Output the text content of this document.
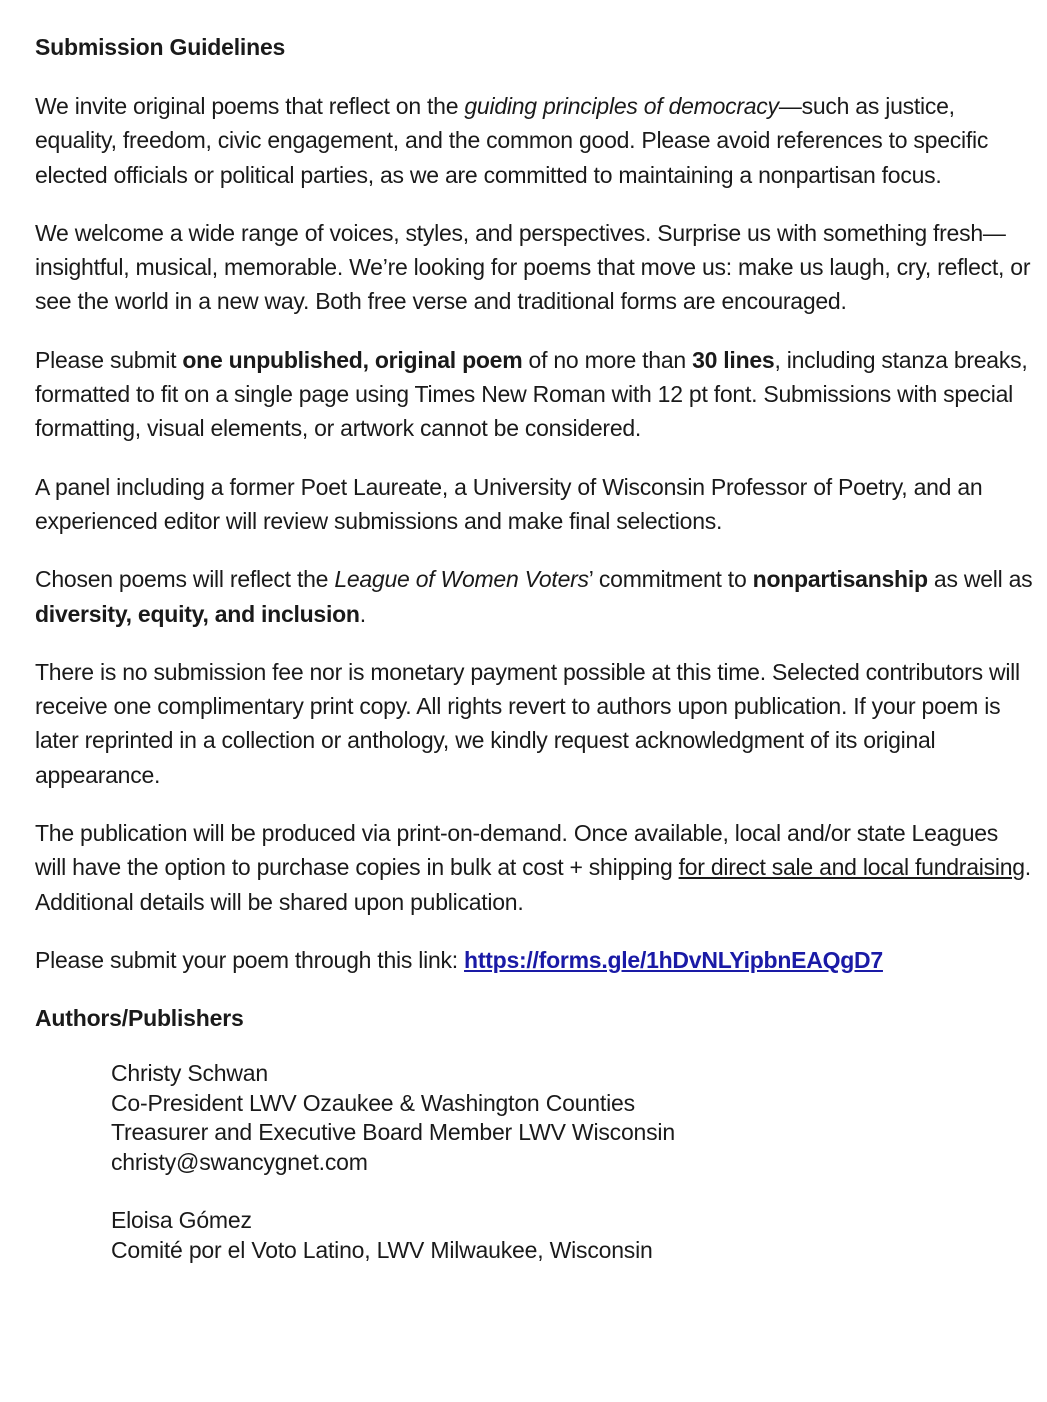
Submission Guidelines

We invite original poems that reflect on the guiding principles of democracy—such as justice, equality, freedom, civic engagement, and the common good. Please avoid references to specific elected officials or political parties, as we are committed to maintaining a nonpartisan focus.

We welcome a wide range of voices, styles, and perspectives. Surprise us with something fresh—insightful, musical, memorable. We’re looking for poems that move us: make us laugh, cry, reflect, or see the world in a new way. Both free verse and traditional forms are encouraged.

Please submit one unpublished, original poem of no more than 30 lines, including stanza breaks, formatted to fit on a single page using Times New Roman with 12 pt font. Submissions with special formatting, visual elements, or artwork cannot be considered.

A panel including a former Poet Laureate, a University of Wisconsin Professor of Poetry, and an experienced editor will review submissions and make final selections.

Chosen poems will reflect the League of Women Voters’ commitment to nonpartisanship as well as diversity, equity, and inclusion.

There is no submission fee nor is monetary payment possible at this time. Selected contributors will receive one complimentary print copy. All rights revert to authors upon publication. If your poem is later reprinted in a collection or anthology, we kindly request acknowledgment of its original appearance.

The publication will be produced via print-on-demand. Once available, local and/or state Leagues will have the option to purchase copies in bulk at cost + shipping for direct sale and local fundraising. Additional details will be shared upon publication.

Please submit your poem through this link: https://forms.gle/1hDvNLYipbnEAQgD7

Authors/Publishers
Christy Schwan
Co-President LWV Ozaukee & Washington Counties
Treasurer and Executive Board Member LWV Wisconsin
christy@swancygnet.com
Eloisa Gómez
Comité por el Voto Latino, LWV Milwaukee, Wisconsin
